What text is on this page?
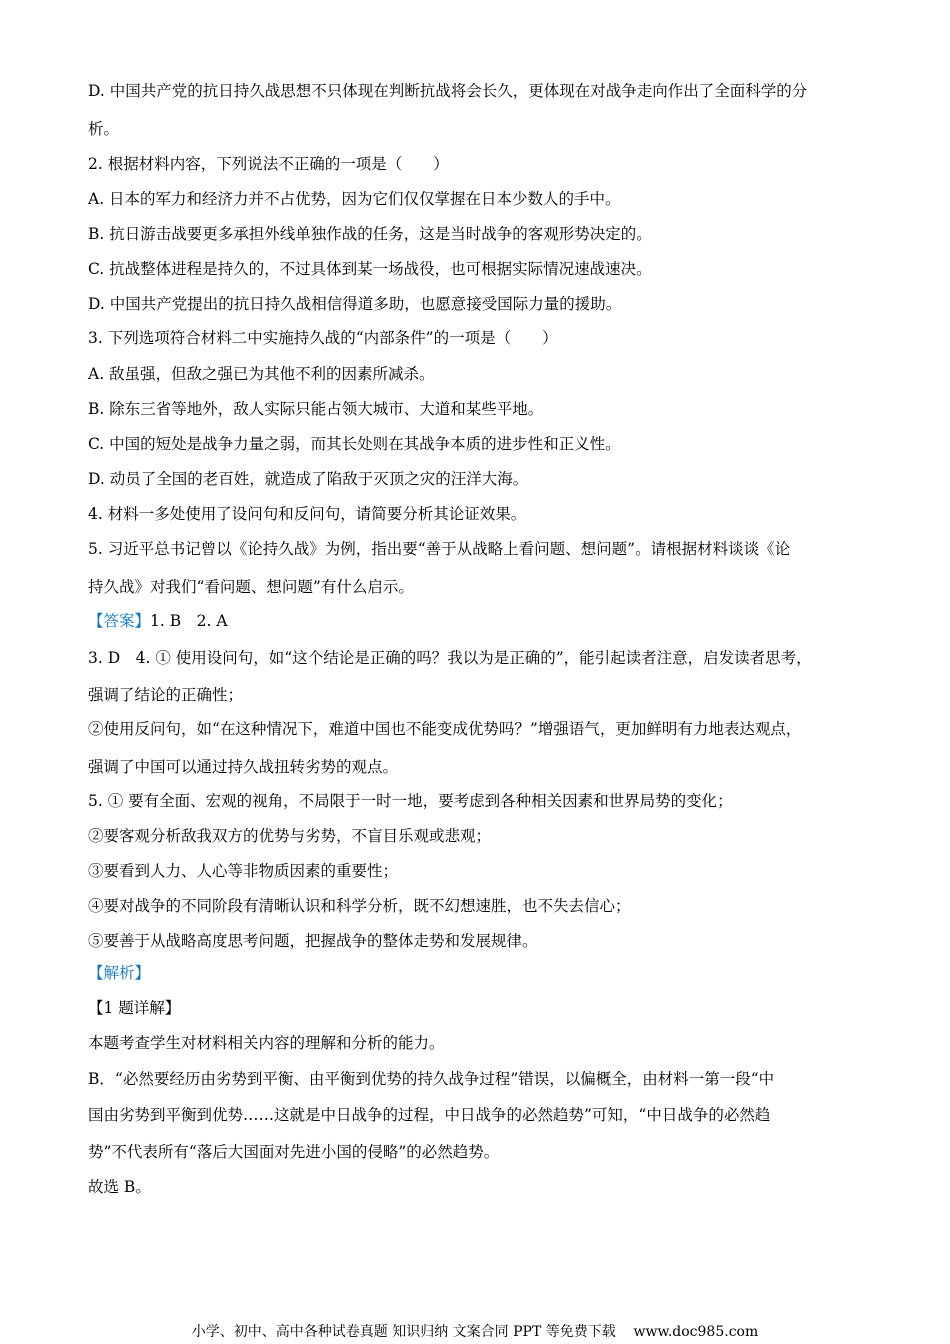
D. 中国共产党的抗日持久战思想不只体现在判断抗战将会长久，更体现在对战争走向作出了全面科学的分

析。

2. 根据材料内容，下列说法不正确的一项是（　　）

A. 日本的军力和经济力并不占优势，因为它们仅仅掌握在日本少数人的手中。

B. 抗日游击战要更多承担外线单独作战的任务，这是当时战争的客观形势决定的。

C. 抗战整体进程是持久的，不过具体到某一场战役，也可根据实际情况速战速决。

D. 中国共产党提出的抗日持久战相信得道多助，也愿意接受国际力量的援助。

3. 下列选项符合材料二中实施持久战的“内部条件”的一项是（　　）

A. 敌虽强，但敌之强已为其他不利的因素所减杀。

B. 除东三省等地外，敌人实际只能占领大城市、大道和某些平地。

C. 中国的短处是战争力量之弱，而其长处则在其战争本质的进步性和正义性。

D. 动员了全国的老百姓，就造成了陷敌于灭顶之灾的汪洋大海。

4. 材料一多处使用了设问句和反问句，请简要分析其论证效果。

5. 习近平总书记曾以《论持久战》为例，指出要“善于从战略上看问题、想问题”。请根据材料谈谈《论

持久战》对我们“看问题、想问题”有什么启示。

【答案】1. B　2. A

3. D　4. ① 使用设问句，如“这个结论是正确的吗？我以为是正确的”，能引起读者注意，启发读者思考，

强调了结论的正确性；

②使用反问句，如“在这种情况下，难道中国也不能变成优势吗？”增强语气，更加鲜明有力地表达观点，

强调了中国可以通过持久战扭转劣势的观点。

5. ① 要有全面、宏观的视角，不局限于一时一地，要考虑到各种相关因素和世界局势的变化；

②要客观分析敌我双方的优势与劣势，不盲目乐观或悲观；

③要看到人力、人心等非物质因素的重要性；

④要对战争的不同阶段有清晰认识和科学分析，既不幻想速胜，也不失去信心；

⑤要善于从战略高度思考问题，把握战争的整体走势和发展规律。

【解析】

【1 题详解】

本题考查学生对材料相关内容的理解和分析的能力。

B．“必然要经历由劣势到平衡、由平衡到优势的持久战争过程”错误，以偏概全，由材料一第一段“中

国由劣势到平衡到优势……这就是中日战争的过程，中日战争的必然趋势”可知，“中日战争的必然趋

势”不代表所有“落后大国面对先进小国的侵略”的必然趋势。

故选 B。

小学、初中、高中各种试卷真题 知识归纳 文案合同 PPT 等免费下载 www.doc985.com
